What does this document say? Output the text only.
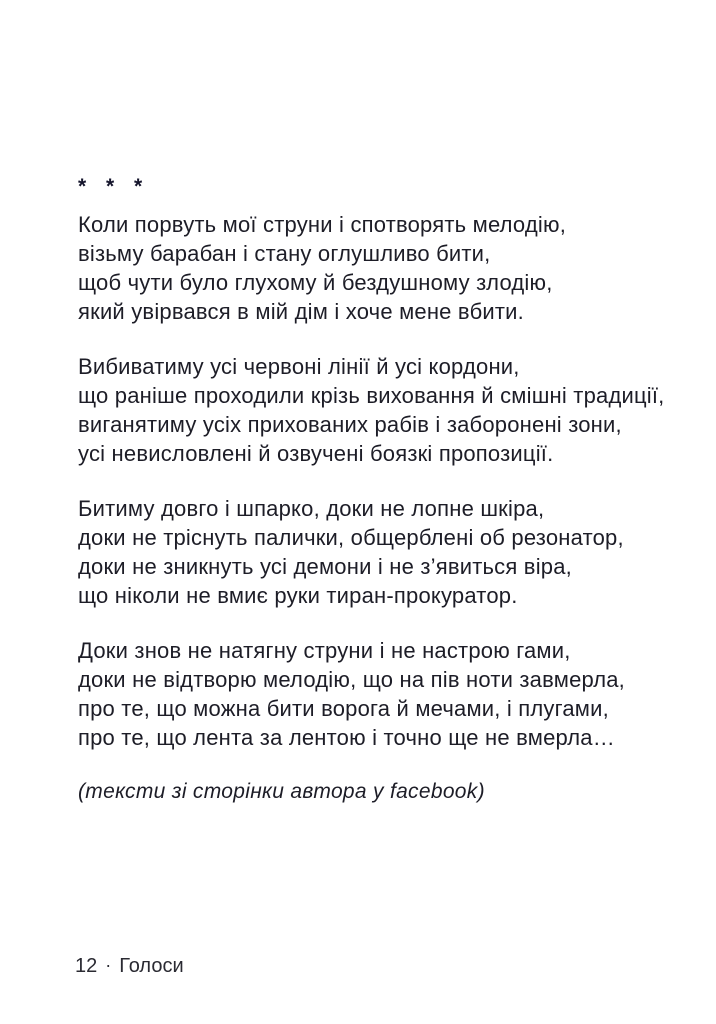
* * *
Коли порвуть мої струни і спотворять мелодію,
візьму барабан і стану оглушливо бити,
щоб чути було глухому й бездушному злодію,
який увірвався в мій дім і хоче мене вбити.
Вибиватиму усі червоні лінії й усі кордони,
що раніше проходили крізь виховання й смішні традиції,
виганятиму усіх прихованих рабів і заборонені зони,
усі невисловлені й озвучені боязкі пропозиції.
Битиму довго і шпарко, доки не лопне шкіра,
доки не тріснуть палички, общерблені об резонатор,
доки не зникнуть усі демони і не з’явиться віра,
що ніколи не вмиє руки тиран-прокуратор.
Доки знов не натягну струни і не настрою гами,
доки не відтворю мелодію, що на пів ноти завмерла,
про те, що можна бити ворога й мечами, і плугами,
про те, що лента за лентою і точно ще не вмерла…
(тексти зі сторінки автора у facebook)
12 · Голоси
